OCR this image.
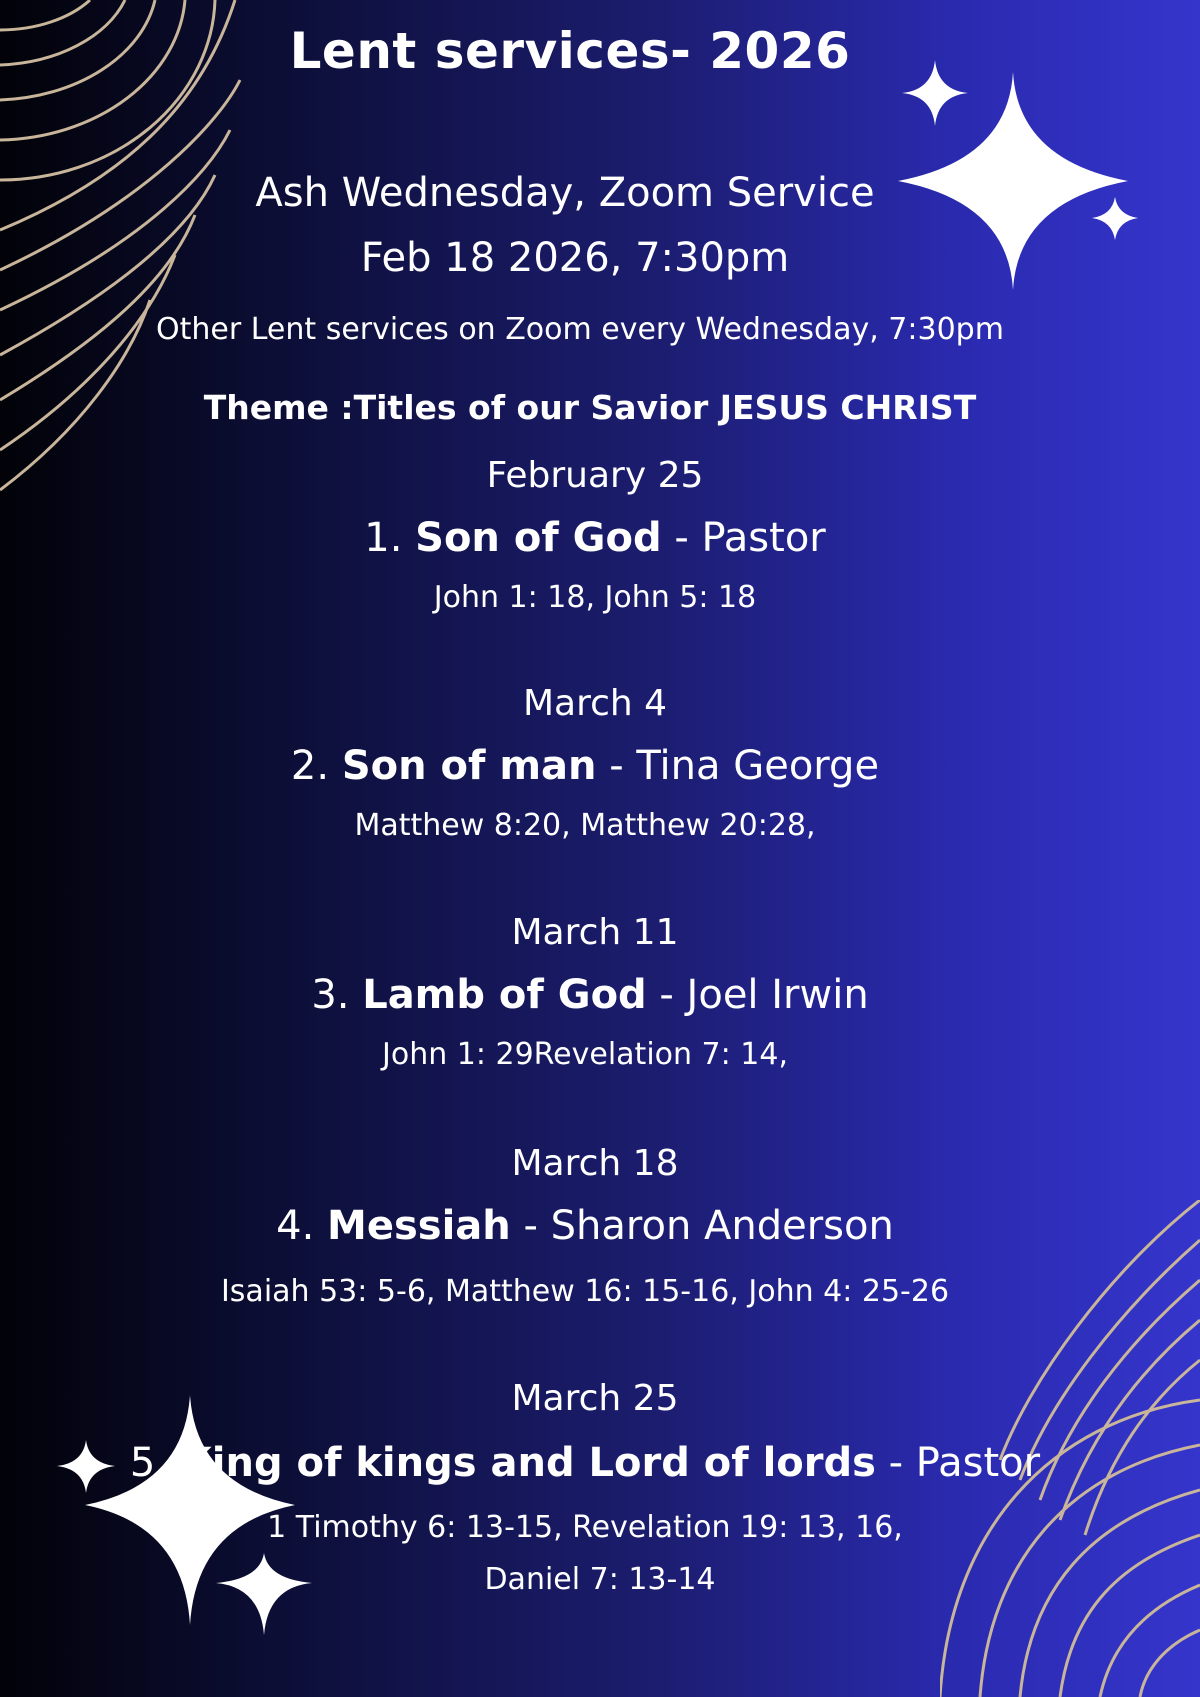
Lent services- 2026
Ash Wednesday, Zoom Service
Feb 18 2026, 7:30pm
Other Lent services on Zoom every Wednesday, 7:30pm
Theme :Titles of our Savior JESUS CHRIST
February 25
1. Son of God - Pastor
John 1: 18, John 5: 18
March 4
2. Son of man - Tina George
Matthew 8:20, Matthew 20:28,
March 11
3. Lamb of God - Joel Irwin
John 1: 29Revelation 7: 14,
March 18
4. Messiah - Sharon Anderson
Isaiah 53: 5-6, Matthew 16: 15-16, John 4: 25-26
March 25
5. King of kings and Lord of lords - Pastor
1 Timothy 6: 13-15, Revelation 19: 13, 16,
Daniel 7: 13-14
